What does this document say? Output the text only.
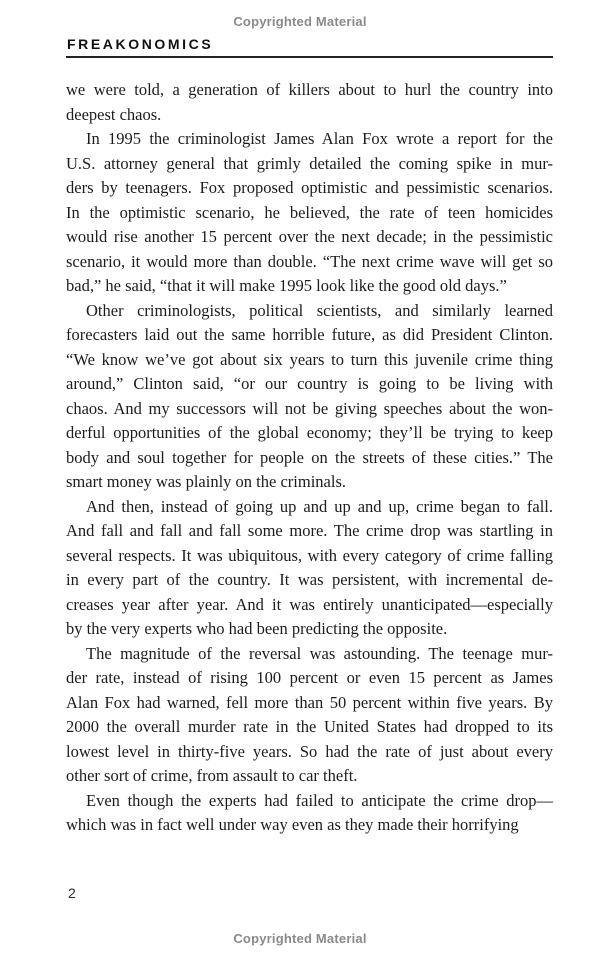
Copyrighted Material
FREAKONOMICS
we were told, a generation of killers about to hurl the country into
deepest chaos.
In 1995 the criminologist James Alan Fox wrote a report for the
U.S. attorney general that grimly detailed the coming spike in mur-
ders by teenagers. Fox proposed optimistic and pessimistic scenarios.
In the optimistic scenario, he believed, the rate of teen homicides
would rise another 15 percent over the next decade; in the pessimistic
scenario, it would more than double. “The next crime wave will get so
bad,” he said, “that it will make 1995 look like the good old days.”
Other criminologists, political scientists, and similarly learned
forecasters laid out the same horrible future, as did President Clinton.
“We know we’ve got about six years to turn this juvenile crime thing
around,” Clinton said, “or our country is going to be living with
chaos. And my successors will not be giving speeches about the won-
derful opportunities of the global economy; they’ll be trying to keep
body and soul together for people on the streets of these cities.” The
smart money was plainly on the criminals.
And then, instead of going up and up and up, crime began to fall.
And fall and fall and fall some more. The crime drop was startling in
several respects. It was ubiquitous, with every category of crime falling
in every part of the country. It was persistent, with incremental de-
creases year after year. And it was entirely unanticipated—especially
by the very experts who had been predicting the opposite.
The magnitude of the reversal was astounding. The teenage mur-
der rate, instead of rising 100 percent or even 15 percent as James
Alan Fox had warned, fell more than 50 percent within five years. By
2000 the overall murder rate in the United States had dropped to its
lowest level in thirty-five years. So had the rate of just about every
other sort of crime, from assault to car theft.
Even though the experts had failed to anticipate the crime drop—
which was in fact well under way even as they made their horrifying
2
Copyrighted Material
